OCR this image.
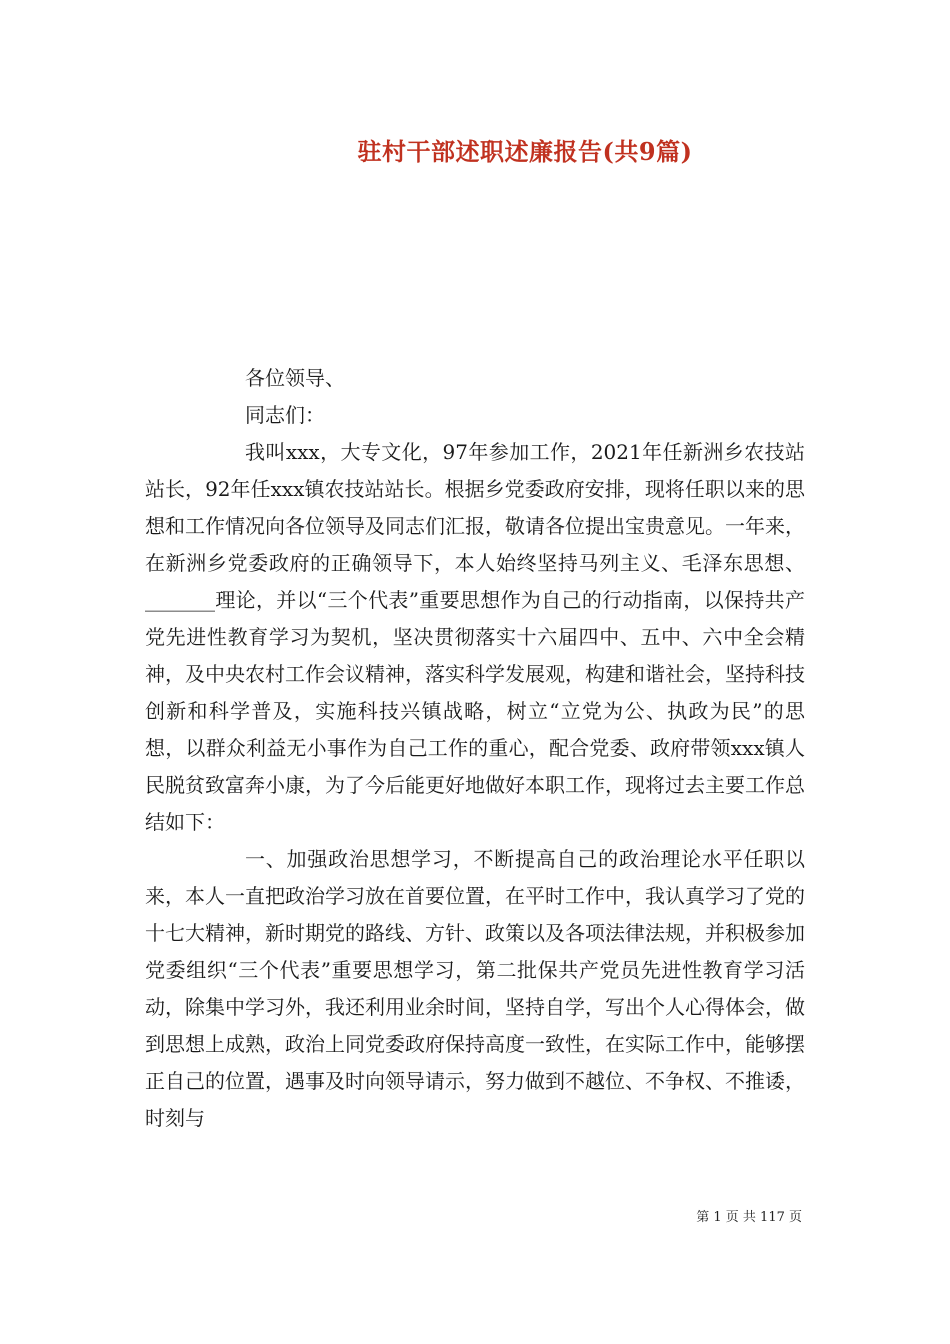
驻村干部述职述廉报告(共9篇)

各位领导、

同志们：

我叫xxx，大专文化，97年参加工作，2021年任新洲乡农技站站长，92年任xxx镇农技站站长。根据乡党委政府安排，现将任职以来的思想和工作情况向各位领导及同志们汇报，敬请各位提出宝贵意见。一年来，在新洲乡党委政府的正确领导下，本人始终坚持马列主义、毛泽东思想、_______理论，并以“三个代表”重要思想作为自己的行动指南，以保持共产党先进性教育学习为契机，坚决贯彻落实十六届四中、五中、六中全会精神，及中央农村工作会议精神，落实科学发展观，构建和谐社会，坚持科技创新和科学普及，实施科技兴镇战略，树立“立党为公、执政为民”的思想，以群众利益无小事作为自己工作的重心，配合党委、政府带领xxx镇人民脱贫致富奔小康，为了今后能更好地做好本职工作，现将过去主要工作总结如下：

一、加强政治思想学习，不断提高自己的政治理论水平任职以来，本人一直把政治学习放在首要位置，在平时工作中，我认真学习了党的十七大精神，新时期党的路线、方针、政策以及各项法律法规，并积极参加党委组织“三个代表”重要思想学习，第二批保共产党员先进性教育学习活动，除集中学习外，我还利用业余时间，坚持自学，写出个人心得体会，做到思想上成熟，政治上同党委政府保持高度一致性，在实际工作中，能够摆正自己的位置，遇事及时向领导请示，努力做到不越位、不争权、不推诿，时刻与

第 1 页 共 117 页
